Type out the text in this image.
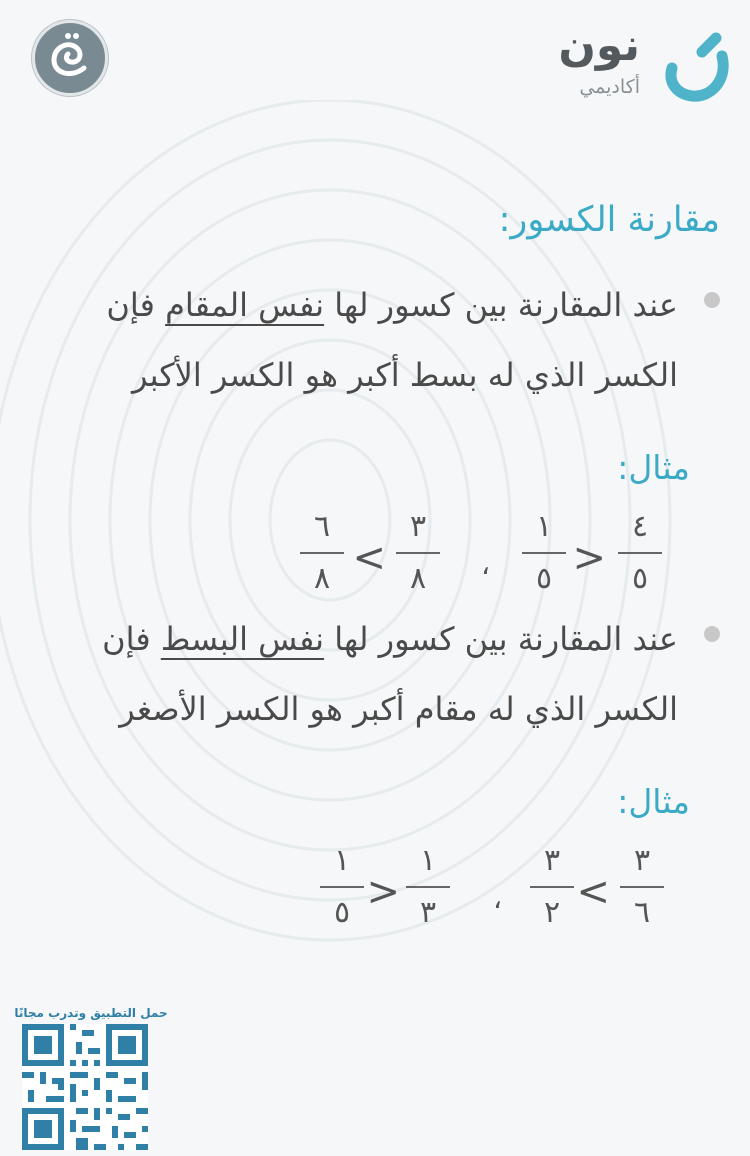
نون
أكاديمي
مقارنة الكسور:
عند المقارنة بين كسور لها نفس المقام فإن الكسر الذي له بسط أكبر هو الكسر الأكبر
مثال:
٤
٥
<
١
٥
،
٣
٨
>
٦
٨
عند المقارنة بين كسور لها نفس البسط فإن الكسر الذي له مقام أكبر هو الكسر الأصغر
مثال:
٣
٦
>
٣
٢
،
١
٣
<
١
٥
حمل التطبيق وتدرب مجانًا
